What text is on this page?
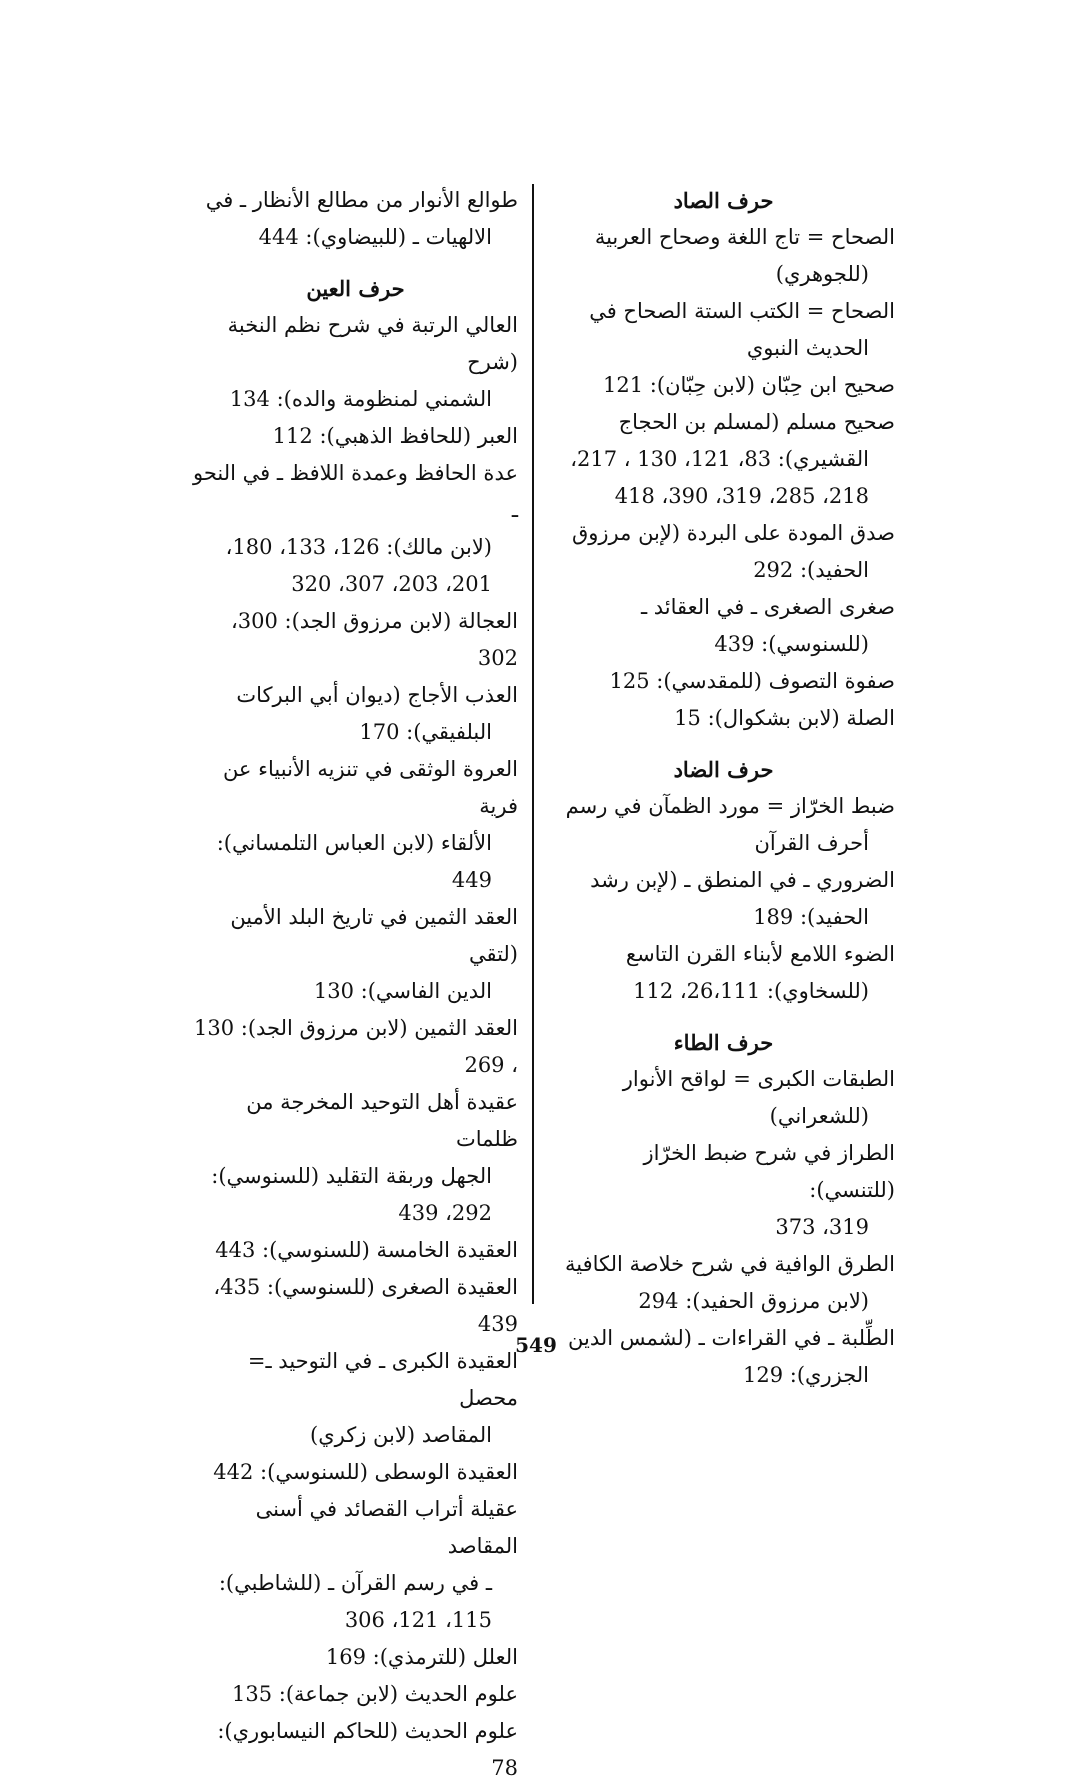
حرف الصاد
الصحاح = تاج اللغة وصحاح العربية
(للجوهري)
الصحاح = الكتب الستة الصحاح في
الحديث النبوي
صحيح ابن حِبّان (لابن حِبّان): 121
صحيح مسلم (لمسلم بن الحجاج
القشيري): 83، 121، 130 ، 217،
218، 285، 319، 390، 418
صدق المودة على البردة (لإبن مرزوق
الحفيد): 292
صغرى الصغرى ـ في العقائد ـ
(للسنوسي): 439
صفوة التصوف (للمقدسي): 125
الصلة (لابن بشكوال): 15
حرف الضاد
ضبط الخرّاز = مورد الظمآن في رسم
أحرف القرآن
الضروري ـ في المنطق ـ (لإبن رشد
الحفيد): 189
الضوء اللامع لأبناء القرن التاسع
(للسخاوي): 26،111، 112
حرف الطاء
الطبقات الكبرى = لواقح الأنوار
(للشعراني)
الطراز في شرح ضبط الخرّاز (للتنسي):
319، 373
الطرق الوافية في شرح خلاصة الكافية
(لابن مرزوق الحفيد): 294
الطِّلبة ـ في القراءات ـ (لشمس الدين
الجزري): 129
طوالع الأنوار من مطالع الأنظار ـ في
الالهيات ـ (للبيضاوي): 444
حرف العين
العالي الرتبة في شرح نظم النخبة (شرح
الشمني لمنظومة والده): 134
العبر (للحافظ الذهبي): 112
عدة الحافظ وعمدة اللافظ ـ في النحو ـ
(لابن مالك): 126، 133، 180،
201، 203، 307، 320
العجالة (لابن مرزوق الجد): 300، 302
العذب الأجاج (ديوان أبي البركات
البلفيقي): 170
العروة الوثقى في تنزيه الأنبياء عن فرية
الألقاء (لابن العباس التلمساني): 449
العقد الثمين في تاريخ البلد الأمين (لتقي
الدين الفاسي): 130
العقد الثمين (لابن مرزوق الجد): 130 ، 269
عقيدة أهل التوحيد المخرجة من ظلمات
الجهل وربقة التقليد (للسنوسي):
292، 439
العقيدة الخامسة (للسنوسي): 443
العقيدة الصغرى (للسنوسي): 435، 439
العقيدة الكبرى ـ في التوحيد ـ= محصل
المقاصد (لابن زكري)
العقيدة الوسطى (للسنوسي): 442
عقيلة أتراب القصائد في أسنى المقاصد
ـ في رسم القرآن ـ (للشاطبي):
115، 121، 306
العلل (للترمذي): 169
علوم الحديث (لابن جماعة): 135
علوم الحديث (للحاكم النيسابوري): 78
549
